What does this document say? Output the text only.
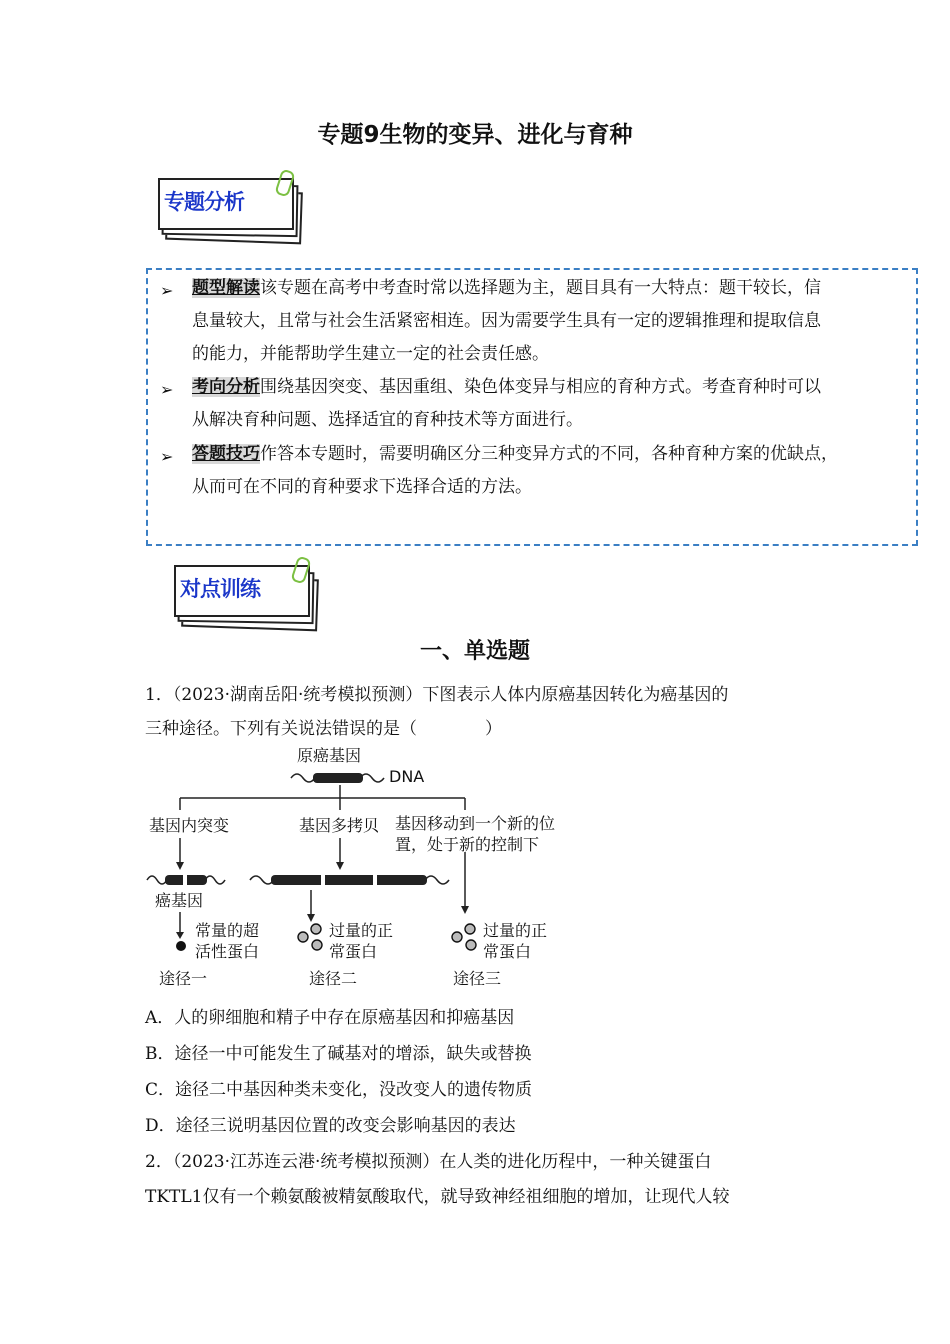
专题9生物的变异、进化与育种
专题分析
➢ 题型解读该专题在高考中考查时常以选择题为主，题目具有一大特点：题干较长，信
息量较大，且常与社会生活紧密相连。因为需要学生具有一定的逻辑推理和提取信息
的能力，并能帮助学生建立一定的社会责任感。
➢ 考向分析围绕基因突变、基因重组、染色体变异与相应的育种方式。考查育种时可以
从解决育种问题、选择适宜的育种技术等方面进行。
➢ 答题技巧作答本专题时，需要明确区分三种变异方式的不同，各种育种方案的优缺点，
从而可在不同的育种要求下选择合适的方法。
对点训练
一、单选题
1．（2023·湖南岳阳·统考模拟预测）下图表示人体内原癌基因转化为癌基因的
三种途径。下列有关说法错误的是（　　　　）
原癌基因
DNA
基因内突变	基因多拷贝 基因移动到一个新的位
置，处于新的控制下
癌基因
常量的超
活性蛋白
过量的正
常蛋白
过量的正
常蛋白
途径一	途径二	途径三
A．人的卵细胞和精子中存在原癌基因和抑癌基因
B．途径一中可能发生了碱基对的增添，缺失或替换
C．途径二中基因种类未变化，没改变人的遗传物质
D．途径三说明基因位置的改变会影响基因的表达
2．（2023·江苏连云港·统考模拟预测）在人类的进化历程中，一种关键蛋白
TKTL1仅有一个赖氨酸被精氨酸取代，就导致神经祖细胞的增加，让现代人较
